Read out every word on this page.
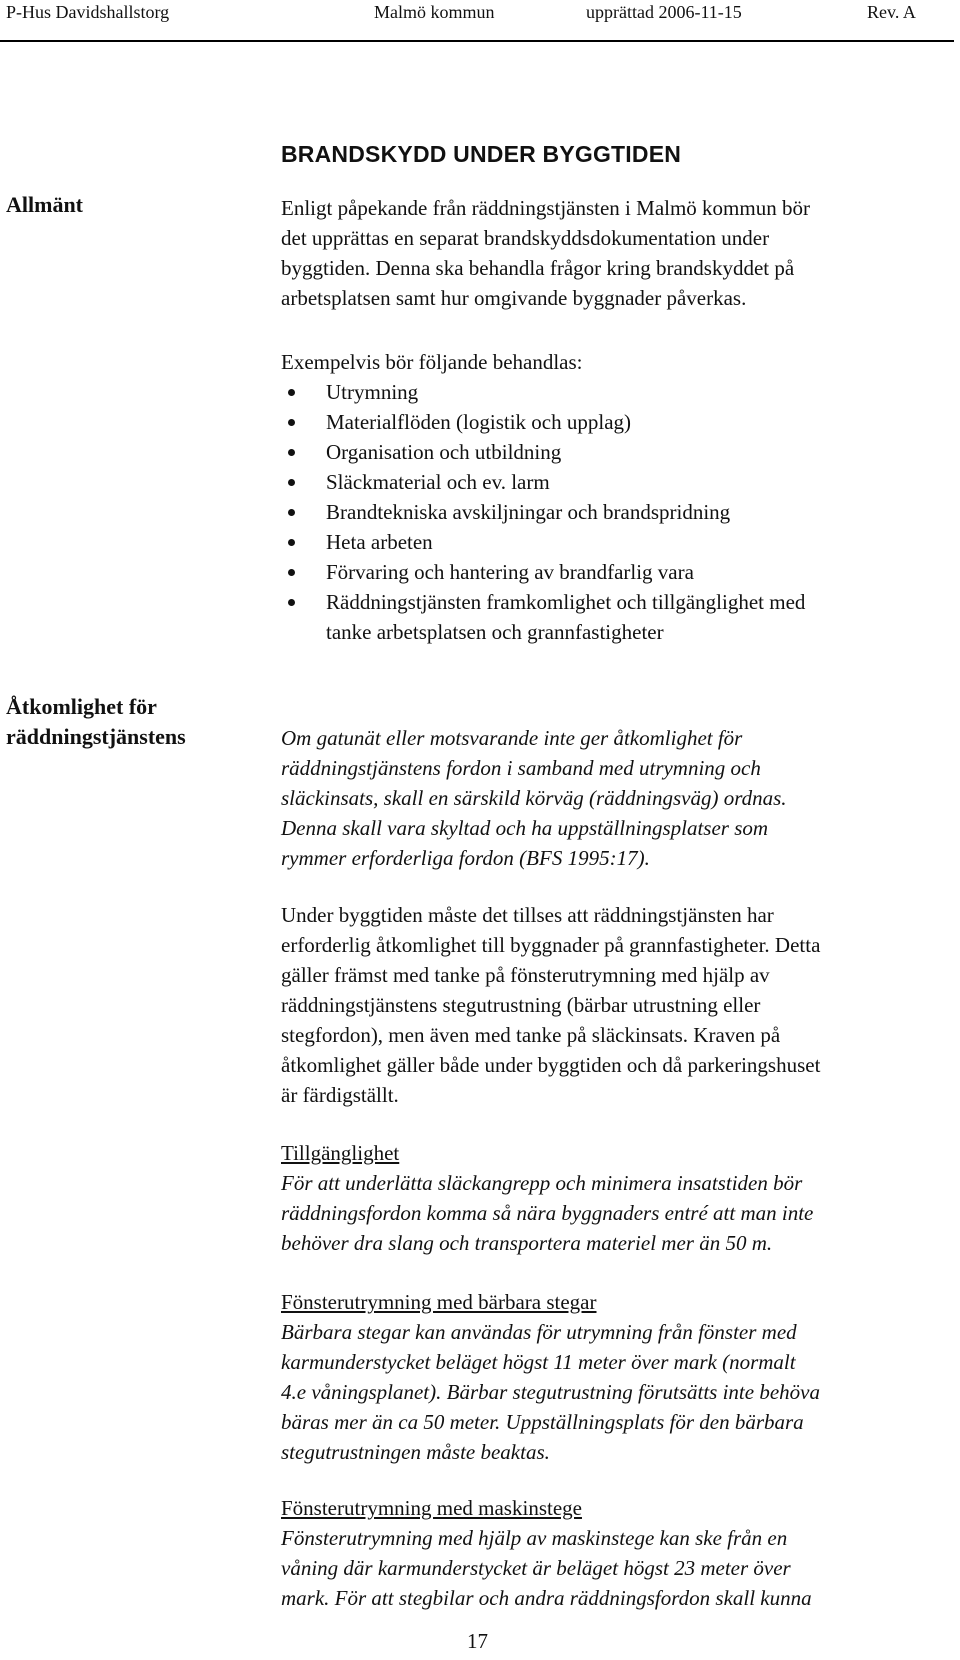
P-Hus Davidshallstorg	Malmö kommun	upprättad 2006-11-15	Rev. A
BRANDSKYDD UNDER BYGGTIDEN

Allmänt	Enligt påpekande från räddningstjänsten i Malmö kommun bör
det upprättas en separat brandskyddsdokumentation under
byggtiden. Denna ska behandla frågor kring brandskyddet på
arbetsplatsen samt hur omgivande byggnader påverkas.

Exempelvis bör följande behandlas:

Utrymning
Materialflöden (logistik och upplag)
Organisation och utbildning
Släckmaterial och ev. larm
Brandtekniska avskiljningar och brandspridning
Heta arbeten
Förvaring och hantering av brandfarlig vara
Räddningstjänsten framkomlighet och tillgänglighet med
tanke arbetsplatsen och grannfastigheter

Åtkomlighet för
räddningstjänstens	Om gatunät eller motsvarande inte ger åtkomlighet för
räddningstjänstens fordon i samband med utrymning och
släckinsats, skall en särskild körväg (räddningsväg) ordnas.
Denna skall vara skyltad och ha uppställningsplatser som
rymmer erforderliga fordon (BFS 1995:17).

Under byggtiden måste det tillses att räddningstjänsten har
erforderlig åtkomlighet till byggnader på grannfastigheter. Detta
gäller främst med tanke på fönsterutrymning med hjälp av
räddningstjänstens stegutrustning (bärbar utrustning eller
stegfordon), men även med tanke på släckinsats. Kraven på
åtkomlighet gäller både under byggtiden och då parkeringshuset
är färdigställt.

Tillgänglighet
För att underlätta släckangrepp och minimera insatstiden bör
räddningsfordon komma så nära byggnaders entré att man inte
behöver dra slang och transportera materiel mer än 50 m.

Fönsterutrymning med bärbara stegar
Bärbara stegar kan användas för utrymning från fönster med
karmunderstycket beläget högst 11 meter över mark (normalt
4.e våningsplanet). Bärbar stegutrustning förutsätts inte behöva
bäras mer än ca 50 meter. Uppställningsplats för den bärbara
stegutrustningen måste beaktas.

Fönsterutrymning med maskinstege
Fönsterutrymning med hjälp av maskinstege kan ske från en
våning där karmunderstycket är beläget högst 23 meter över
mark. För att stegbilar och andra räddningsfordon skall kunna

17
